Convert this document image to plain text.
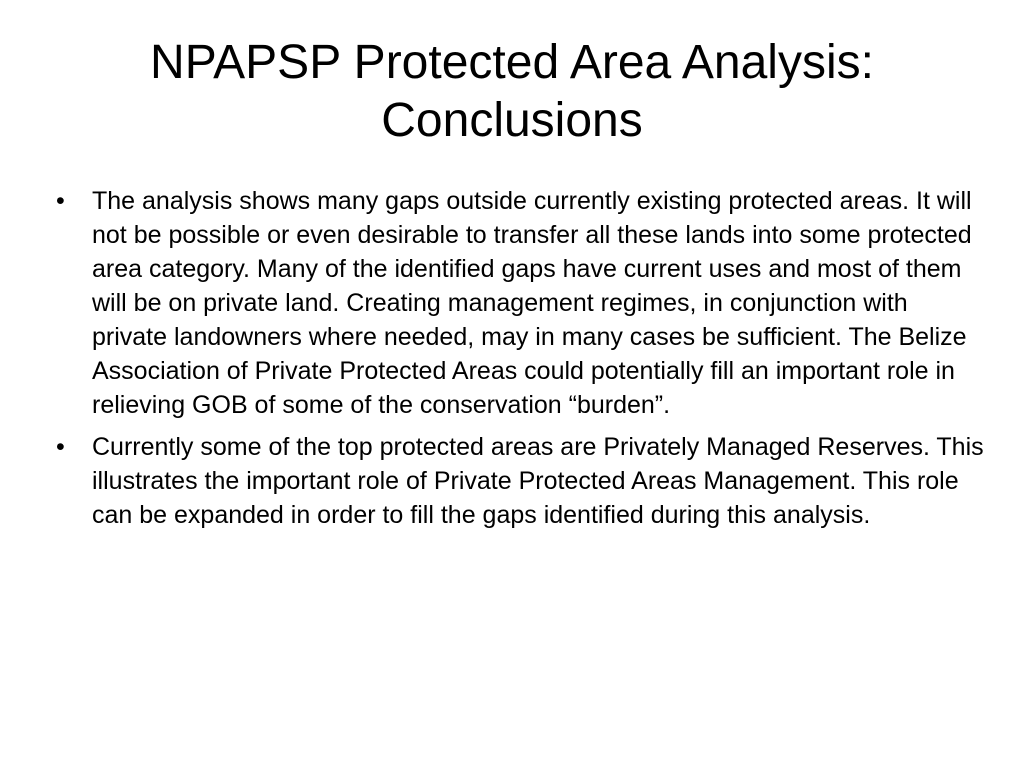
NPAPSP Protected Area Analysis: Conclusions
•	The analysis shows many gaps outside currently existing protected areas. It will not be possible or even desirable to transfer all these lands into some protected area category. Many of the identified gaps have current uses and most of them will be on private land. Creating management regimes, in conjunction with private landowners where needed, may in many cases be sufficient. The Belize Association of Private Protected Areas could potentially fill an important role in relieving GOB of some of the conservation “burden”.
•	Currently some of the top protected areas are Privately Managed Reserves. This illustrates the important role of Private Protected Areas Management. This role can be expanded in order to fill the gaps identified during this analysis.
